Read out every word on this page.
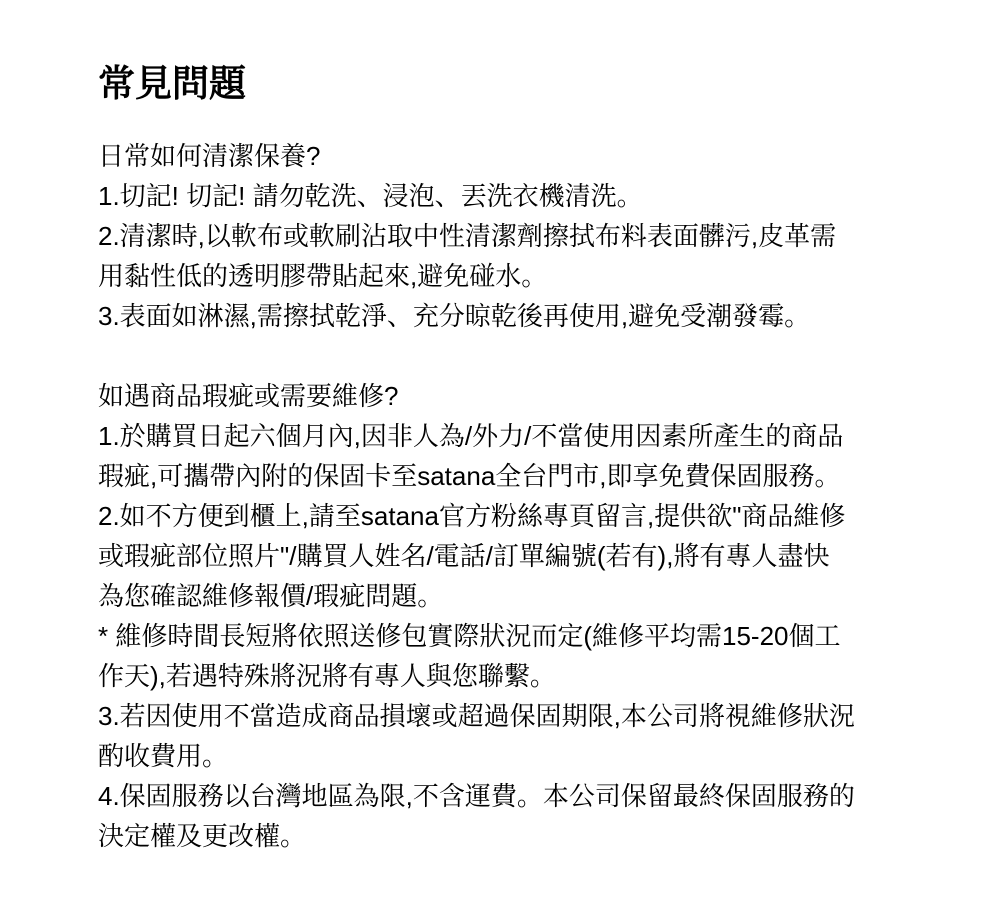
常見問題
日常如何清潔保養?
1.切記! 切記! 請勿乾洗、浸泡、丟洗衣機清洗。
2.清潔時,以軟布或軟刷沾取中性清潔劑擦拭布料表面髒污,皮革需
用黏性低的透明膠帶貼起來,避免碰水。
3.表面如淋濕,需擦拭乾淨、充分晾乾後再使用,避免受潮發霉。
如遇商品瑕疵或需要維修?
1.於購買日起六個月內,因非人為/外力/不當使用因素所產生的商品
瑕疵,可攜帶內附的保固卡至satana全台門市,即享免費保固服務。
2.如不方便到櫃上,請至satana官方粉絲專頁留言,提供欲"商品維修
或瑕疵部位照片"/購買人姓名/電話/訂單編號(若有),將有專人盡快
為您確認維修報價/瑕疵問題。
* 維修時間長短將依照送修包實際狀況而定(維修平均需15-20個工
作天),若遇特殊將況將有專人與您聯繫。
3.若因使用不當造成商品損壞或超過保固期限,本公司將視維修狀況
酌收費用。
4.保固服務以台灣地區為限,不含運費。本公司保留最終保固服務的
決定權及更改權。
